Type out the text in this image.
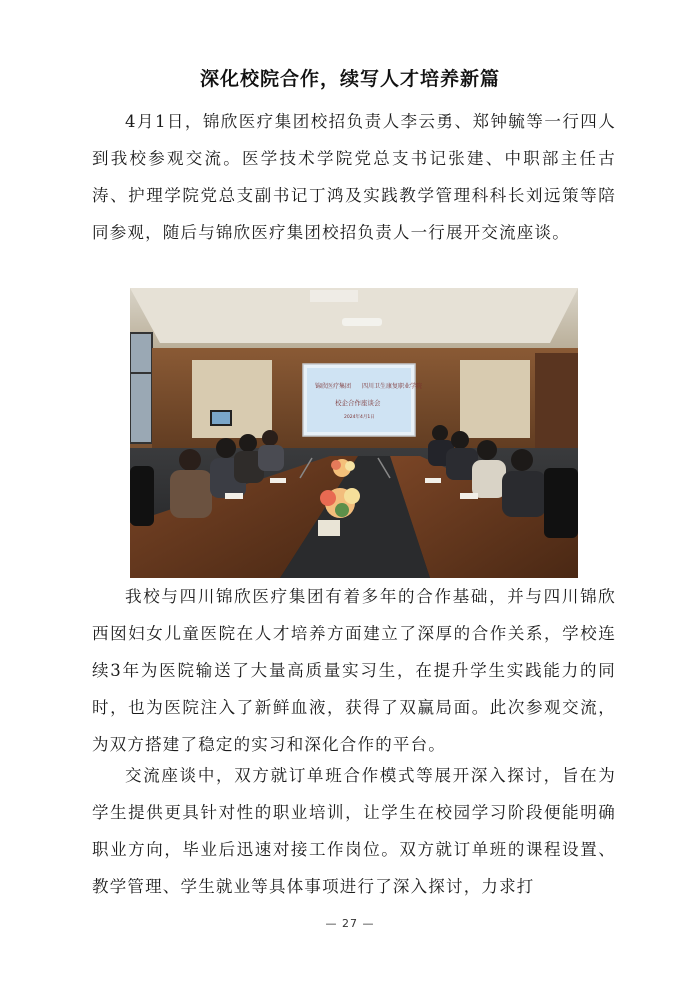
深化校院合作，续写人才培养新篇

4月1日，锦欣医疗集团校招负责人李云勇、郑钟毓等一行四人到我校参观交流。医学技术学院党总支书记张建、中职部主任古涛、护理学院党总支副书记丁鸿及实践教学管理科科长刘远策等陪同参观，随后与锦欣医疗集团校招负责人一行展开交流座谈。

锦欣医疗集团 四川卫生康复职业学院
校企合作座谈会
2024年4月1日

我校与四川锦欣医疗集团有着多年的合作基础，并与四川锦欣西囡妇女儿童医院在人才培养方面建立了深厚的合作关系，学校连续3年为医院输送了大量高质量实习生，在提升学生实践能力的同时，也为医院注入了新鲜血液，获得了双赢局面。此次参观交流，为双方搭建了稳定的实习和深化合作的平台。

交流座谈中，双方就订单班合作模式等展开深入探讨，旨在为学生提供更具针对性的职业培训，让学生在校园学习阶段便能明确职业方向，毕业后迅速对接工作岗位。双方就订单班的课程设置、教学管理、学生就业等具体事项进行了深入探讨，力求打

— 27 —
